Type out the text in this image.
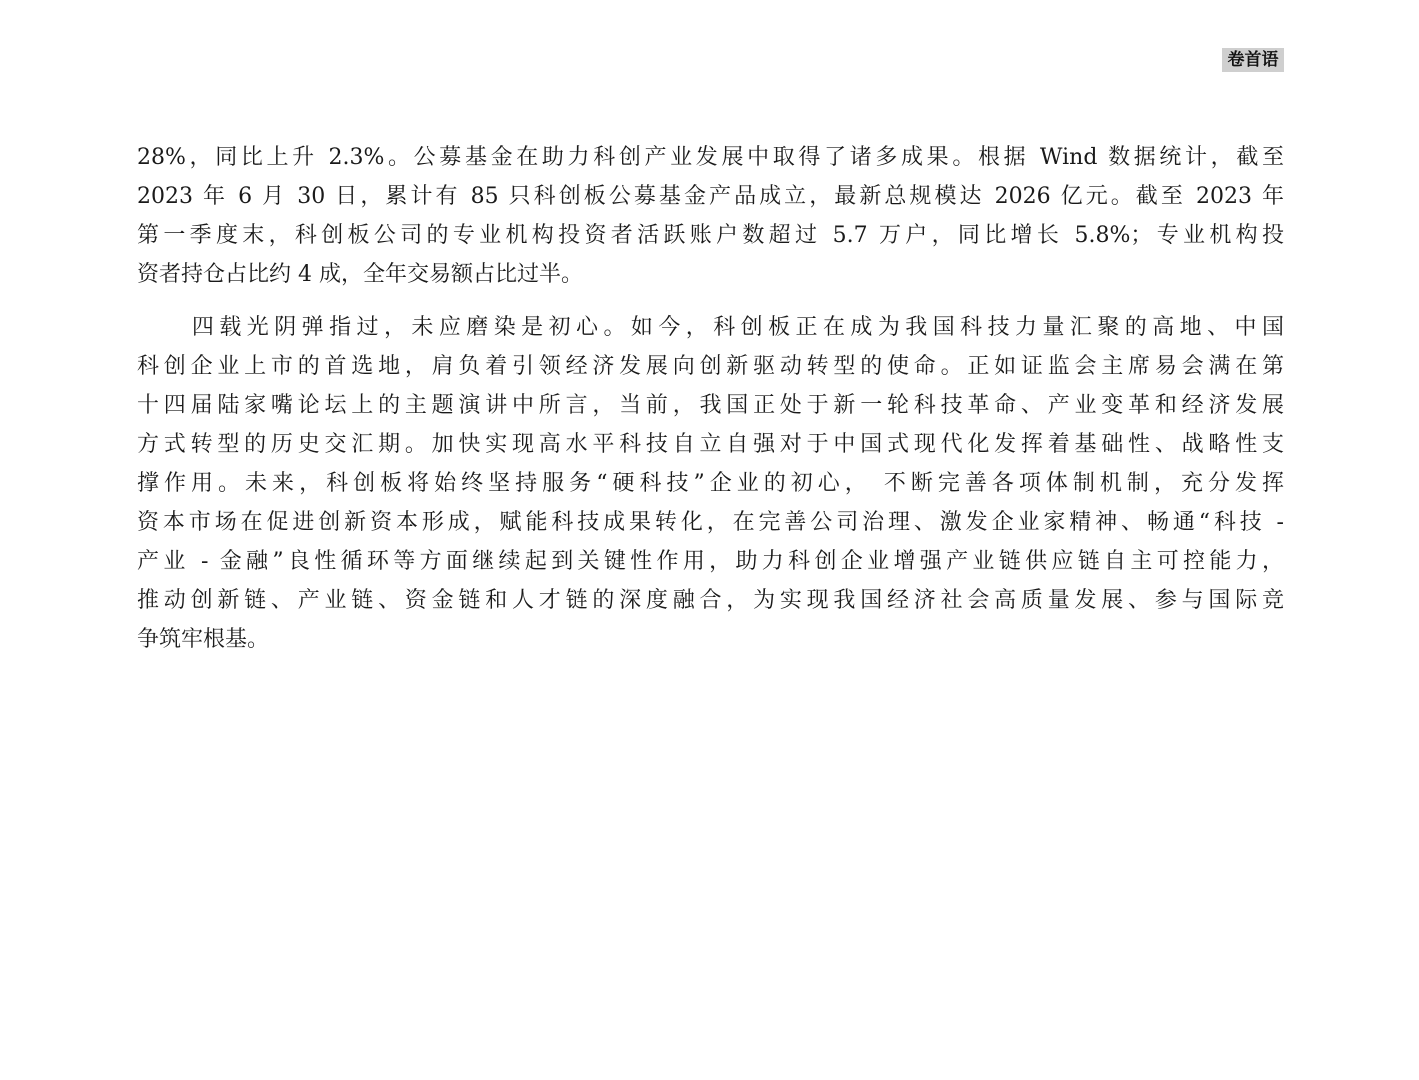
卷首语
28%，同比上升 2.3%。公募基金在助力科创产业发展中取得了诸多成果。根据 Wind 数据统计，截至
2023 年 6 月 30 日，累计有 85 只科创板公募基金产品成立，最新总规模达 2026 亿元。截至 2023 年
第一季度末，科创板公司的专业机构投资者活跃账户数超过 5.7 万户，同比增长 5.8%；专业机构投
资者持仓占比约 4 成，全年交易额占比过半。
　　四载光阴弹指过，未应磨染是初心。如今，科创板正在成为我国科技力量汇聚的高地、中国
科创企业上市的首选地，肩负着引领经济发展向创新驱动转型的使命。正如证监会主席易会满在第
十四届陆家嘴论坛上的主题演讲中所言，当前，我国正处于新一轮科技革命、产业变革和经济发展
方式转型的历史交汇期。加快实现高水平科技自立自强对于中国式现代化发挥着基础性、战略性支
撑作用。未来，科创板将始终坚持服务“硬科技”企业的初心， 不断完善各项体制机制，充分发挥
资本市场在促进创新资本形成，赋能科技成果转化，在完善公司治理、激发企业家精神、畅通“科技 -
产业 - 金融”良性循环等方面继续起到关键性作用，助力科创企业增强产业链供应链自主可控能力，
推动创新链、产业链、资金链和人才链的深度融合，为实现我国经济社会高质量发展、参与国际竞
争筑牢根基。
